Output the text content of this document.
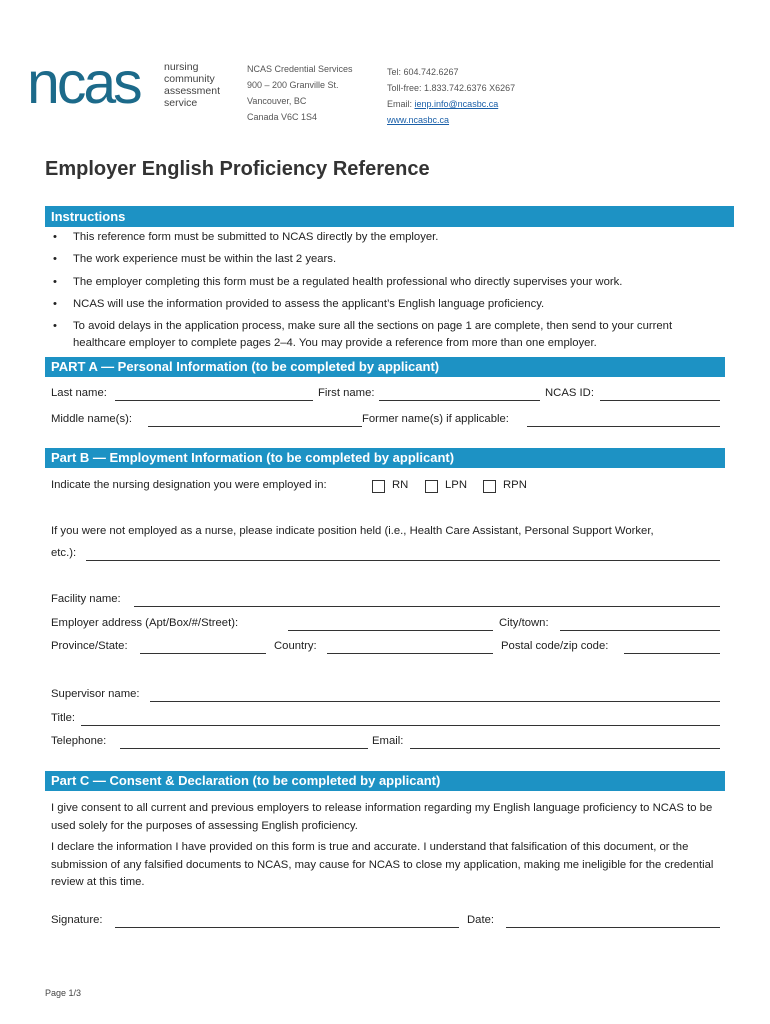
ncas nursing
community
assessment
service
NCAS Credential Services
900 – 200 Granville St.
Vancouver, BC
Canada V6C 1S4
Tel: 604.742.6267
Toll-free: 1.833.742.6376 X6267
Email: ienp.info@ncasbc.ca
www.ncasbc.ca
Employer English Proficiency Reference
Instructions
• This reference form must be submitted to NCAS directly by the employer.
• The work experience must be within the last 2 years.
• The employer completing this form must be a regulated health professional who directly supervises your work.
• NCAS will use the information provided to assess the applicant’s English language proficiency.
• To avoid delays in the application process, make sure all the sections on page 1 are complete, then send to your current healthcare employer to complete pages 2–4. You may provide a reference from more than one employer.
PART A — Personal Information (to be completed by applicant)
Last name:	First name:	NCAS ID:
Middle name(s):	Former name(s) if applicable:
Part B — Employment Information (to be completed by applicant)
Indicate the nursing designation you were employed in:	RN	LPN	RPN
If you were not employed as a nurse, please indicate position held (i.e., Health Care Assistant, Personal Support Worker,
etc.):
Facility name:
Employer address (Apt/Box/#/Street):	City/town:
Province/State:	Country:	Postal code/zip code:
Supervisor name:
Title:
Telephone:	Email:
Part C — Consent & Declaration (to be completed by applicant)
I give consent to all current and previous employers to release information regarding my English language proficiency to NCAS to be used solely for the purposes of assessing English proficiency.
I declare the information I have provided on this form is true and accurate. I understand that falsification of this document, or the submission of any falsified documents to NCAS, may cause for NCAS to close my application, making me ineligible for the credential review at this time.
Signature:	Date:
Page 1/3
